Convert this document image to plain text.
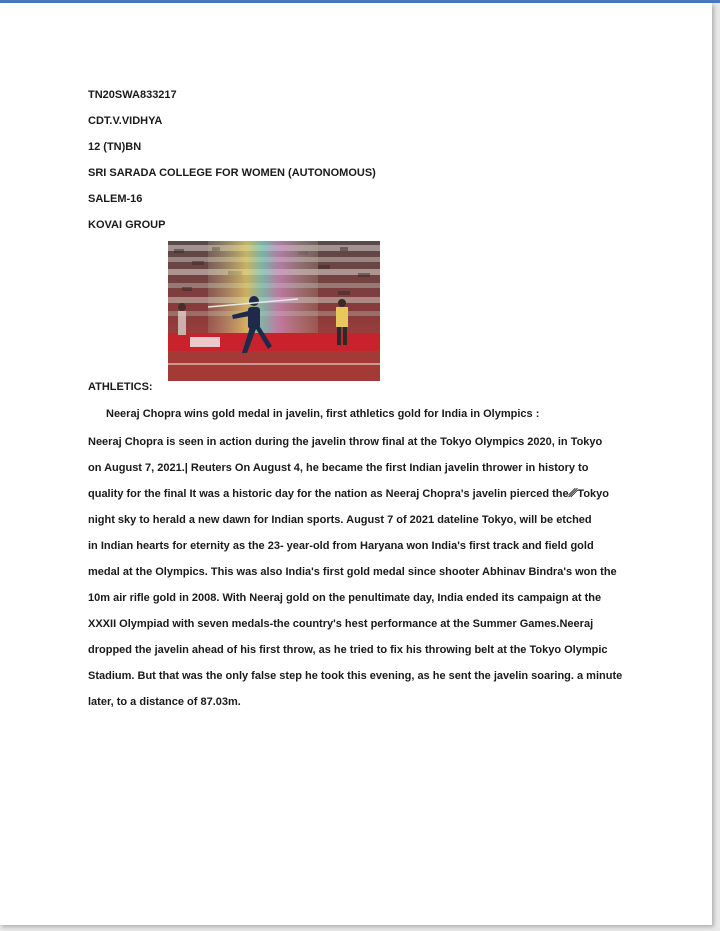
TN20SWA833217
CDT.V.VIDHYA
12 (TN)BN
SRI SARADA COLLEGE FOR WOMEN (AUTONOMOUS)
SALEM-16
KOVAI GROUP
ATHLETICS:
Neeraj Chopra wins gold medal in javelin, first athletics gold for India in Olympics :
Neeraj Chopra is seen in action during the javelin throw final at the Tokyo Olympics 2020, in Tokyo
on August 7, 2021.| Reuters On August 4, he became the first Indian javelin thrower in history to
quality for the final It was a historic day for the nation as Neeraj Chopra's javelin pierced the␥Tokyo
night sky to herald a new dawn for Indian sports. August 7 of 2021 dateline Tokyo, will be etched
in Indian hearts for eternity as the 23- year-old from Haryana won India's first track and field gold
medal at the Olympics. This was also India's first gold medal since shooter Abhinav Bindra's won the
10m air rifle gold in 2008. With Neeraj gold on the penultimate day, India ended its campaign at the
XXXII Olympiad with seven medals-the country's hest performance at the Summer Games.Neeraj
dropped the javelin ahead of his first throw, as he tried to fix his throwing belt at the Tokyo Olympic
Stadium. But that was the only false step he took this evening, as he sent the javelin soaring. a minute
later, to a distance of 87.03m.
